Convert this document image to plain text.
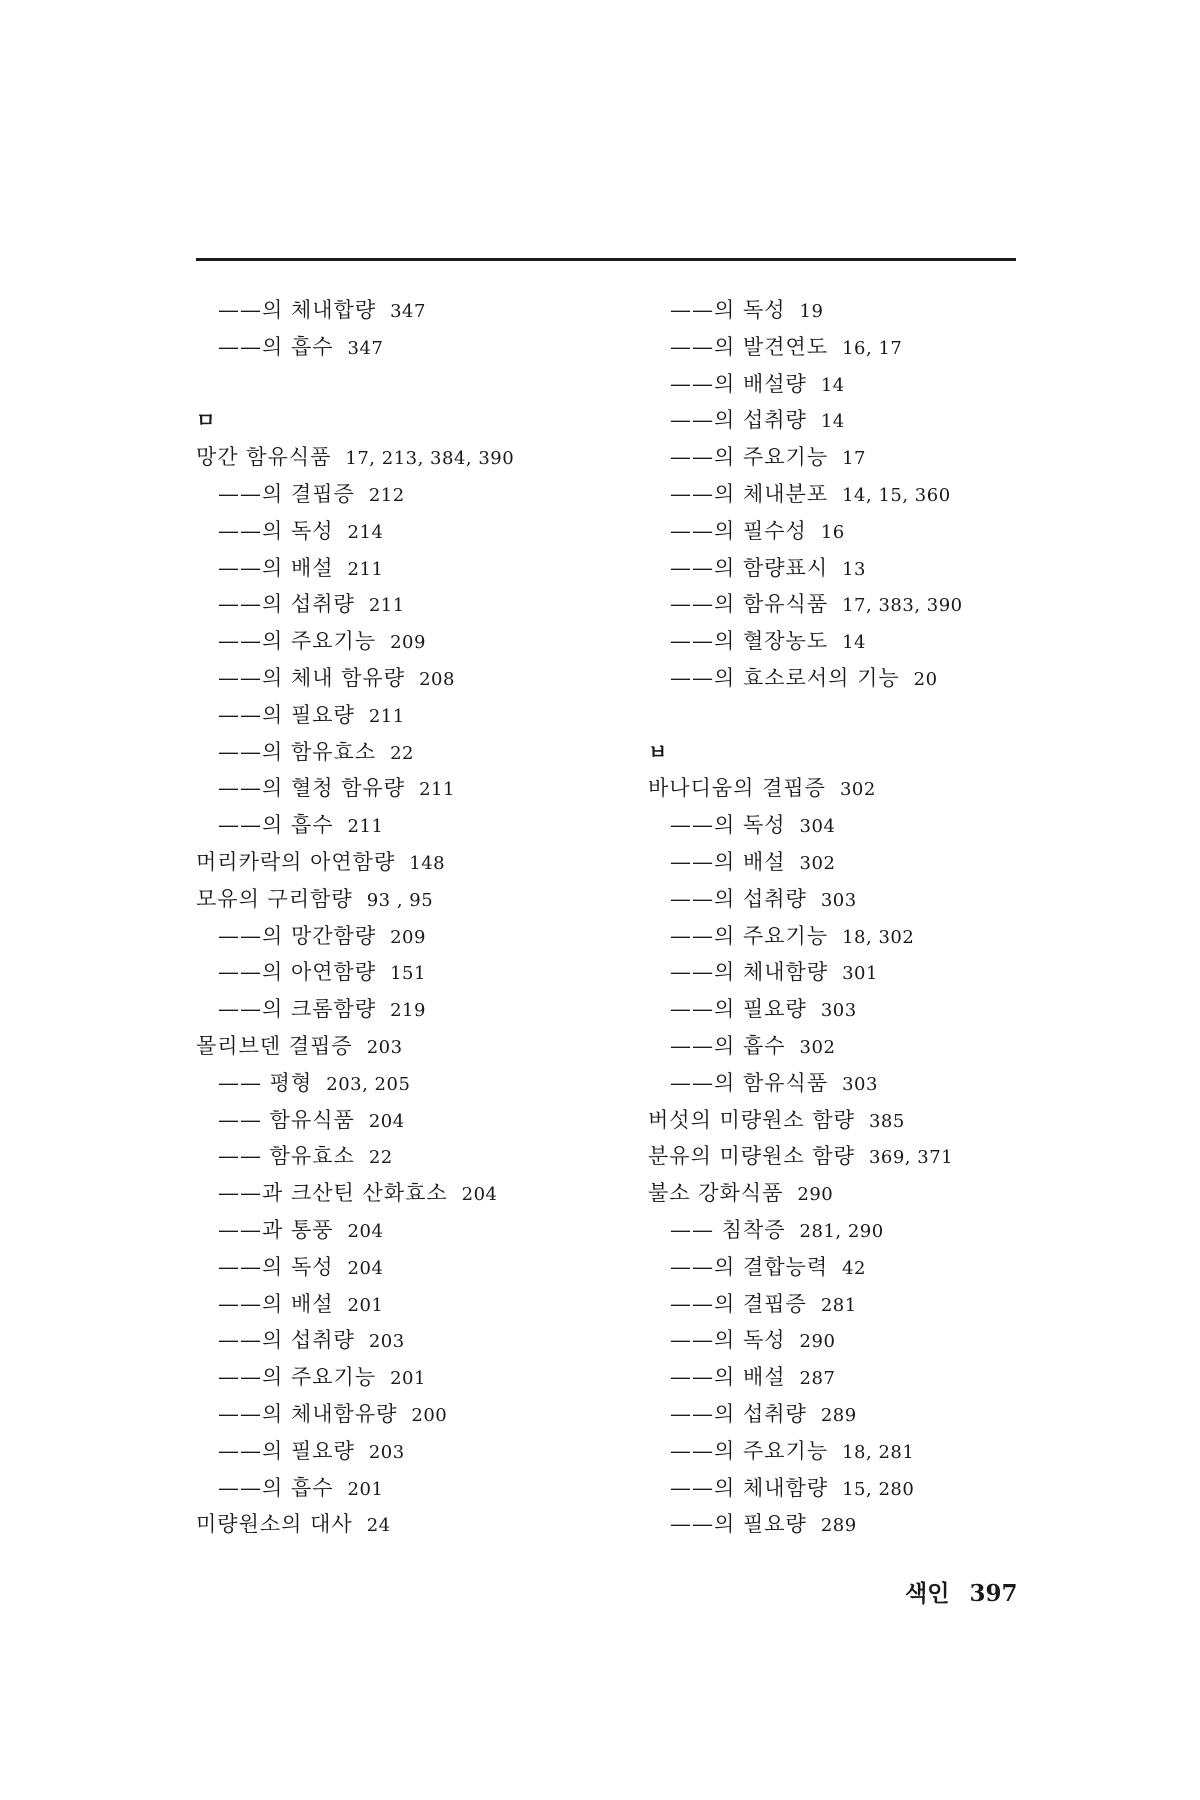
——의 체내합량 347
——의 흡수 347
ㅁ
망간 함유식품 17, 213, 384, 390
——의 결핍증 212
——의 독성 214
——의 배설 211
——의 섭취량 211
——의 주요기능 209
——의 체내 함유량 208
——의 필요량 211
——의 함유효소 22
——의 혈청 함유량 211
——의 흡수 211
머리카락의 아연함량 148
모유의 구리함량 93 , 95
——의 망간함량 209
——의 아연함량 151
——의 크롬함량 219
몰리브덴 결핍증 203
—— 평형 203, 205
—— 함유식품 204
—— 함유효소 22
——과 크산틴 산화효소 204
——과 통풍 204
——의 독성 204
——의 배설 201
——의 섭취량 203
——의 주요기능 201
——의 체내함유량 200
——의 필요량 203
——의 흡수 201
미량원소의 대사 24
——의 독성 19
——의 발견연도 16, 17
——의 배설량 14
——의 섭취량 14
——의 주요기능 17
——의 체내분포 14, 15, 360
——의 필수성 16
——의 함량표시 13
——의 함유식품 17, 383, 390
——의 혈장농도 14
——의 효소로서의 기능 20
ㅂ
바나디움의 결핍증 302
——의 독성 304
——의 배설 302
——의 섭취량 303
——의 주요기능 18, 302
——의 체내함량 301
——의 필요량 303
——의 흡수 302
——의 함유식품 303
버섯의 미량원소 함량 385
분유의 미량원소 함량 369, 371
불소 강화식품 290
—— 침착증 281, 290
——의 결합능력 42
——의 결핍증 281
——의 독성 290
——의 배설 287
——의 섭취량 289
——의 주요기능 18, 281
——의 체내함량 15, 280
——의 필요량 289
색인 397
